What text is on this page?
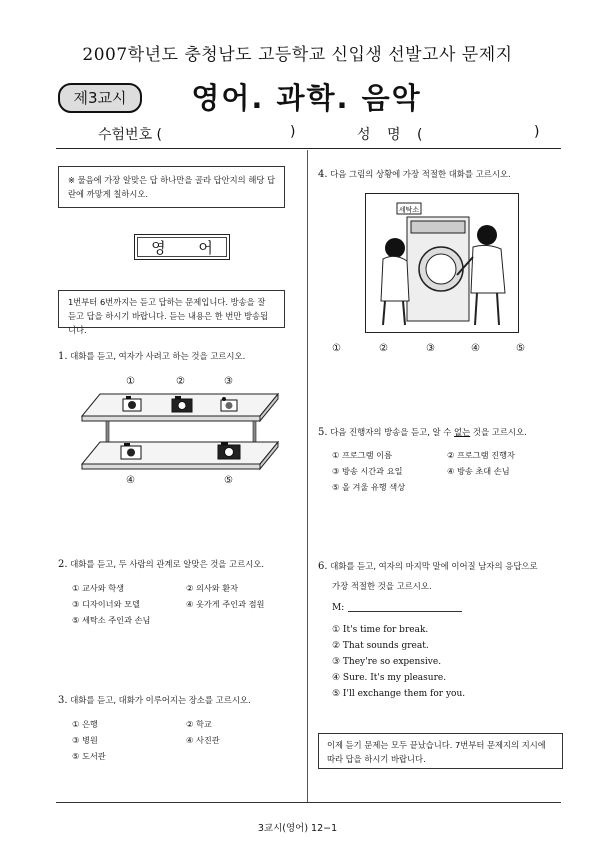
2007학년도 충청남도 고등학교 신입생 선발고사 문제지
제3교시	영어. 과학. 음악
수험번호 (	)	성 명 (	)
※ 물음에 가장 알맞은 답 하나만을 골라 답안지의 해당 답란에 까맣게 칠하시오.
영 어
1번부터 6번까지는 듣고 답하는 문제입니다. 방송을 잘 듣고 답을 하시기 바랍니다. 듣는 내용은 한 번만 방송됩니다.
1. 대화를 듣고, 여자가 사려고 하는 것을 고르시오.
①	②	③
④	⑤
2. 대화를 듣고, 두 사람의 관계로 알맞은 것을 고르시오.
① 교사와 학생	② 의사와 환자
③ 디자이너와 모델	④ 옷가게 주인과 점원
⑤ 세탁소 주인과 손님
3. 대화를 듣고, 대화가 이루어지는 장소를 고르시오.
① 은행	② 학교
③ 병원	④ 사진관
⑤ 도서관
4. 다음 그림의 상황에 가장 적절한 대화를 고르시오.
세탁소
①	②	③	④	⑤
5. 다음 진행자의 방송을 듣고, 알 수 없는 것을 고르시오.
① 프로그램 이름	② 프로그램 진행자
③ 방송 시간과 요일	④ 방송 초대 손님
⑤ 올 겨울 유행 색상
6. 대화를 듣고, 여자의 마지막 말에 이어질 남자의 응답으로
가장 적절한 것을 고르시오.
M:
① It's time for break.
② That sounds great.
③ They're so expensive.
④ Sure. It's my pleasure.
⑤ I'll exchange them for you.
이제 듣기 문제는 모두 끝났습니다. 7번부터 문제지의 지시에 따라 답을 하시기 바랍니다.
3교시(영어) 12−1
